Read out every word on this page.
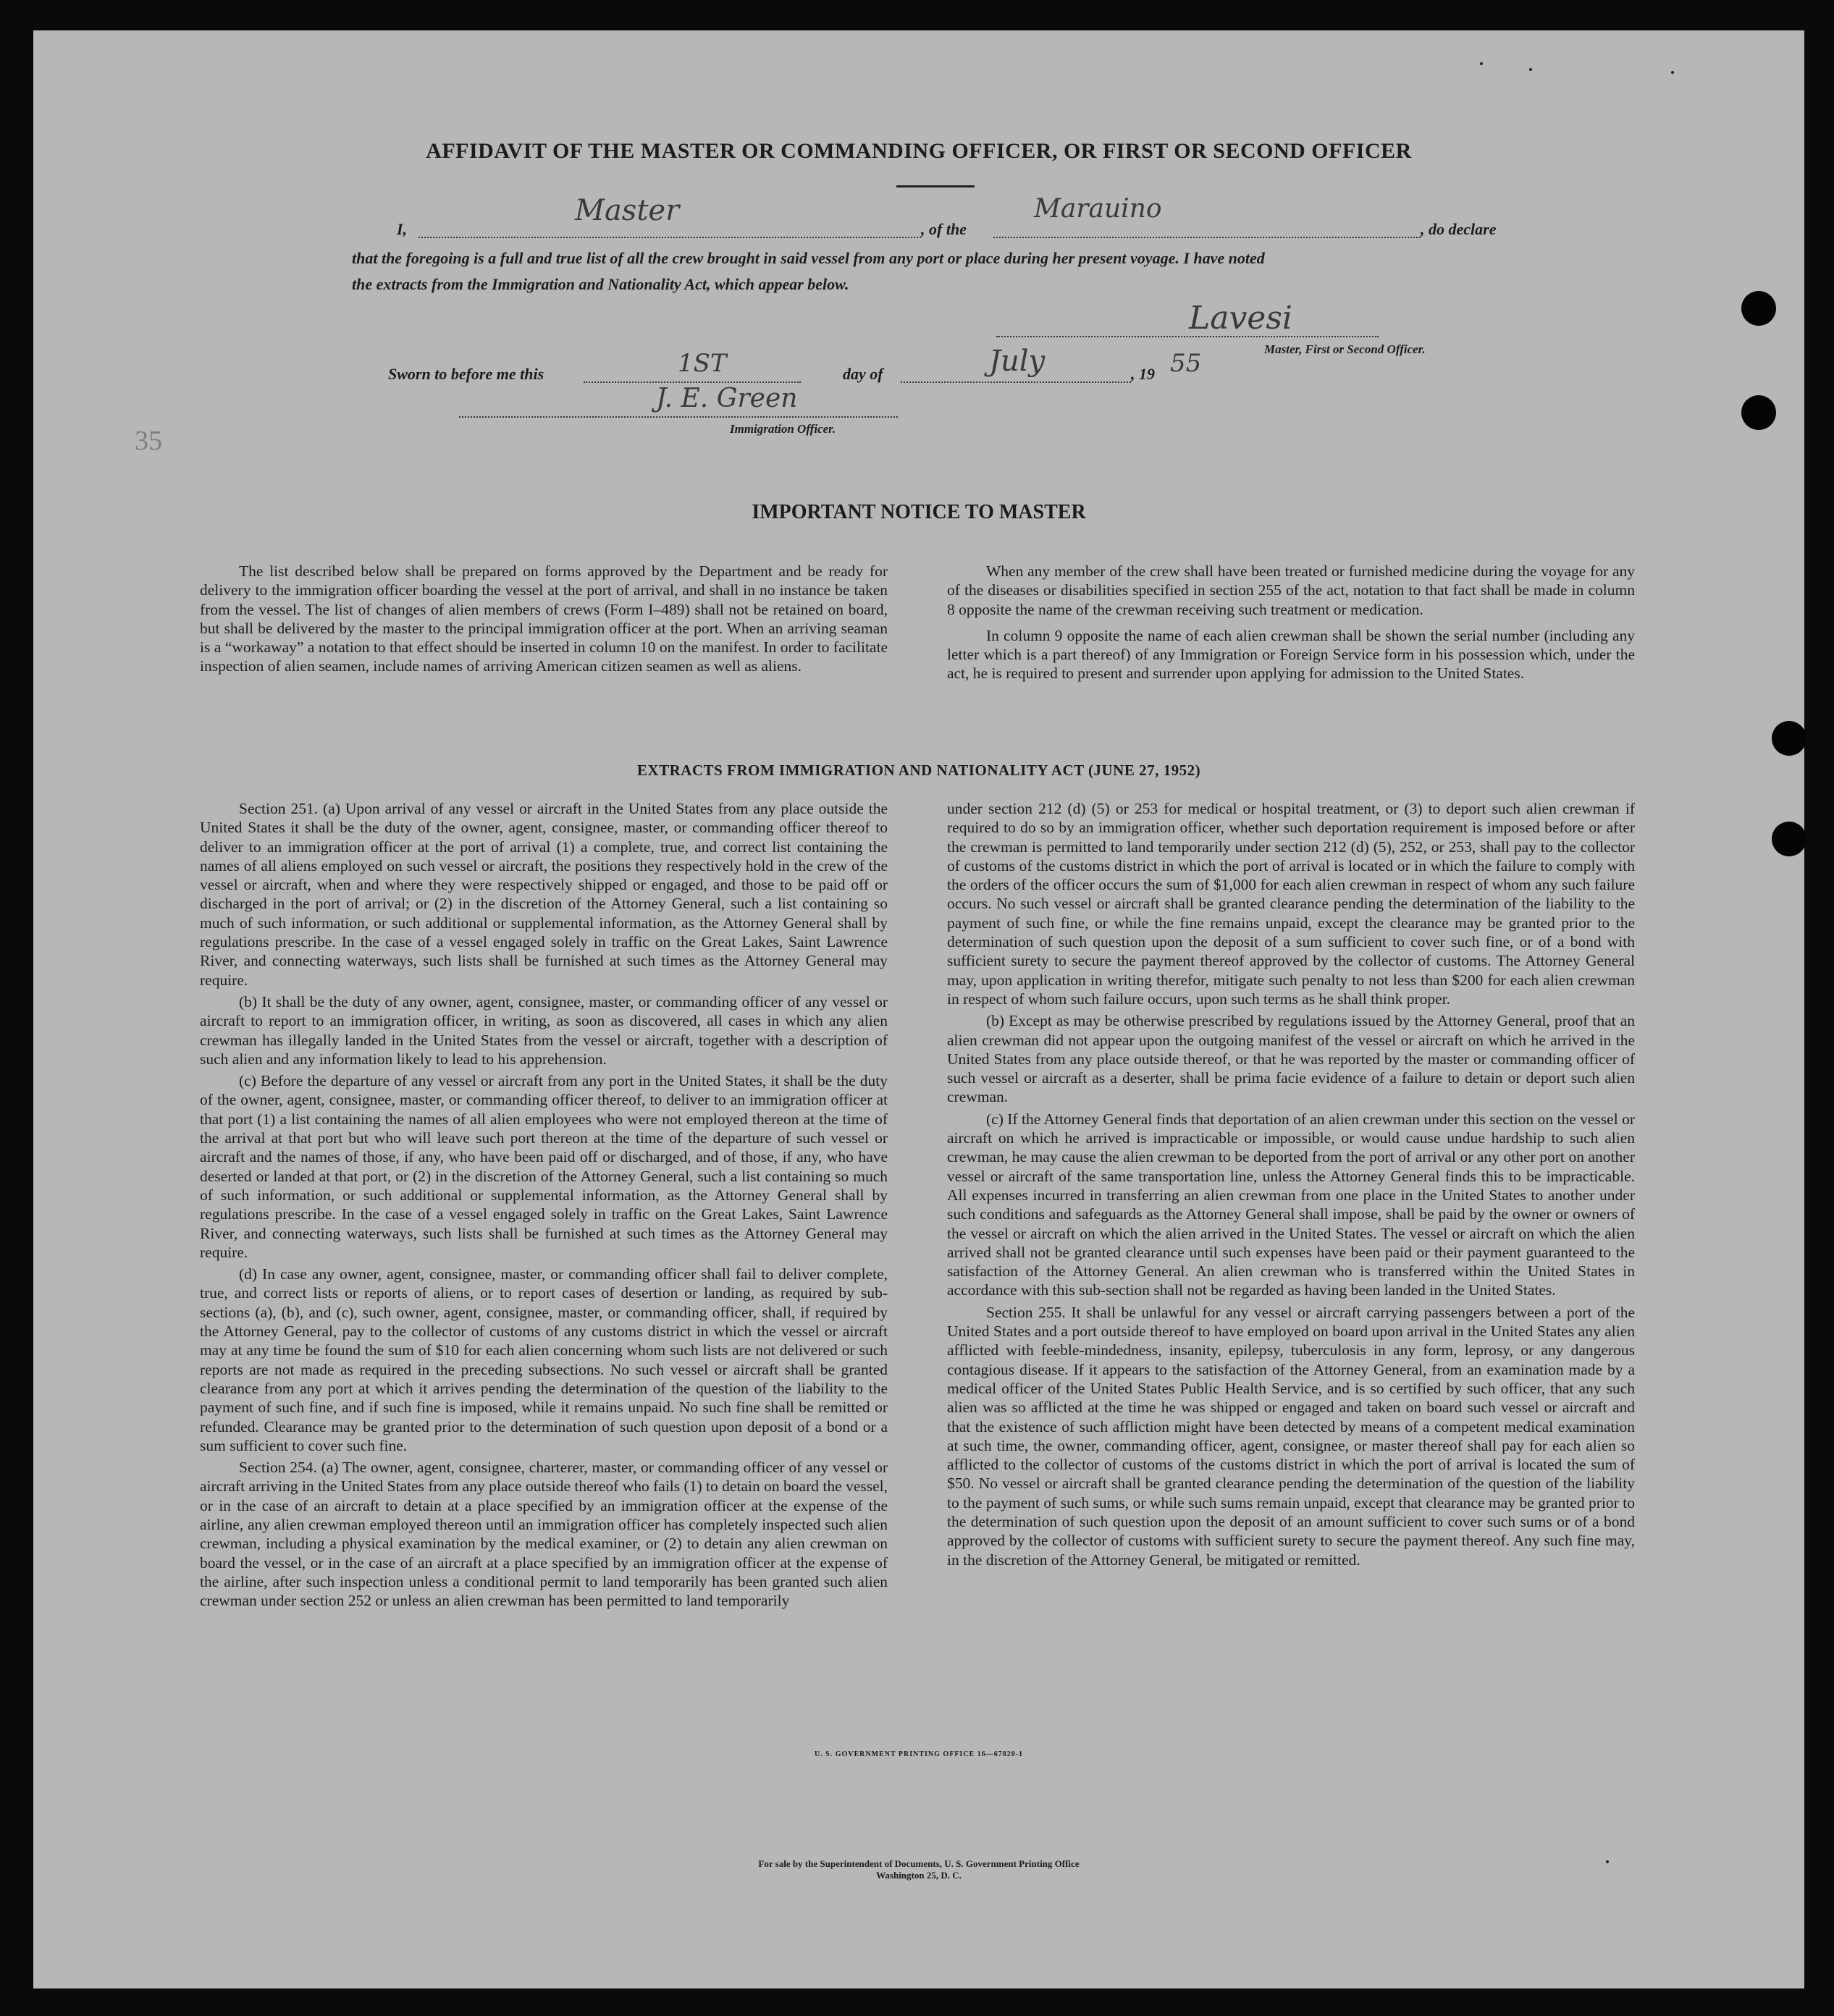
AFFIDAVIT OF THE MASTER OR COMMANDING OFFICER, OR FIRST OR SECOND OFFICER
I,
Master
, of the
Marauino
, do declare
that the foregoing is a full and true list of all the crew brought in said vessel from any port or place during her present voyage. I have noted
the extracts from the Immigration and Nationality Act, which appear below.
Lavesi
Master, First or Second Officer.
Sworn to before me this	1ST	day of	July	, 19 55
J. E. Green
Immigration Officer.
35
IMPORTANT NOTICE TO MASTER

The list described below shall be prepared on forms approved by the Department and be ready for delivery to the immigration officer boarding the vessel at the port of arrival, and shall in no instance be taken from the vessel. The list of changes of alien members of crews (Form I–489) shall not be retained on board, but shall be delivered by the master to the principal immigration officer at the port. When an arriving seaman is a “workaway” a notation to that effect should be inserted in column 10 on the manifest. In order to facilitate inspection of alien seamen, include names of arriving American citizen seamen as well as aliens.

When any member of the crew shall have been treated or furnished medicine during the voyage for any of the diseases or disabilities specified in section 255 of the act, notation to that fact shall be made in column 8 opposite the name of the crewman receiving such treatment or medication.

In column 9 opposite the name of each alien crewman shall be shown the serial number (including any letter which is a part thereof) of any Immigration or Foreign Service form in his possession which, under the act, he is required to present and surrender upon applying for admission to the United States.

EXTRACTS FROM IMMIGRATION AND NATIONALITY ACT (JUNE 27, 1952)

Section 251. (a) Upon arrival of any vessel or aircraft in the United States from any place outside the United States it shall be the duty of the owner, agent, consignee, master, or commanding officer thereof to deliver to an immigration officer at the port of arrival (1) a complete, true, and correct list containing the names of all aliens employed on such vessel or aircraft, the positions they respectively hold in the crew of the vessel or aircraft, when and where they were respectively shipped or engaged, and those to be paid off or discharged in the port of arrival; or (2) in the discretion of the Attorney General, such a list containing so much of such information, or such additional or supplemental information, as the Attorney General shall by regulations prescribe. In the case of a vessel engaged solely in traffic on the Great Lakes, Saint Lawrence River, and connecting waterways, such lists shall be furnished at such times as the Attorney General may require.

(b) It shall be the duty of any owner, agent, consignee, master, or commanding officer of any vessel or aircraft to report to an immigration officer, in writing, as soon as discovered, all cases in which any alien crewman has illegally landed in the United States from the vessel or aircraft, together with a description of such alien and any information likely to lead to his apprehension.

(c) Before the departure of any vessel or aircraft from any port in the United States, it shall be the duty of the owner, agent, consignee, master, or commanding officer thereof, to deliver to an immigration officer at that port (1) a list containing the names of all alien employees who were not employed thereon at the time of the arrival at that port but who will leave such port thereon at the time of the departure of such vessel or aircraft and the names of those, if any, who have been paid off or discharged, and of those, if any, who have deserted or landed at that port, or (2) in the discretion of the Attorney General, such a list containing so much of such information, or such additional or supplemental information, as the Attorney General shall by regulations prescribe. In the case of a vessel engaged solely in traffic on the Great Lakes, Saint Lawrence River, and connecting waterways, such lists shall be furnished at such times as the Attorney General may require.

(d) In case any owner, agent, consignee, master, or commanding officer shall fail to deliver complete, true, and correct lists or reports of aliens, or to report cases of desertion or landing, as required by sub-sections (a), (b), and (c), such owner, agent, consignee, master, or commanding officer, shall, if required by the Attorney General, pay to the collector of customs of any customs district in which the vessel or aircraft may at any time be found the sum of $10 for each alien concerning whom such lists are not delivered or such reports are not made as required in the preceding subsections. No such vessel or aircraft shall be granted clearance from any port at which it arrives pending the determination of the question of the liability to the payment of such fine, and if such fine is imposed, while it remains unpaid. No such fine shall be remitted or refunded. Clearance may be granted prior to the determination of such question upon deposit of a bond or a sum sufficient to cover such fine.

Section 254. (a) The owner, agent, consignee, charterer, master, or commanding officer of any vessel or aircraft arriving in the United States from any place outside thereof who fails (1) to detain on board the vessel, or in the case of an aircraft to detain at a place specified by an immigration officer at the expense of the airline, any alien crewman employed thereon until an immigration officer has completely inspected such alien crewman, including a physical examination by the medical examiner, or (2) to detain any alien crewman on board the vessel, or in the case of an aircraft at a place specified by an immigration officer at the expense of the airline, after such inspection unless a conditional permit to land temporarily has been granted such alien crewman under section 252 or unless an alien crewman has been permitted to land temporarily

under section 212 (d) (5) or 253 for medical or hospital treatment, or (3) to deport such alien crewman if required to do so by an immigration officer, whether such deportation requirement is imposed before or after the crewman is permitted to land temporarily under section 212 (d) (5), 252, or 253, shall pay to the collector of customs of the customs district in which the port of arrival is located or in which the failure to comply with the orders of the officer occurs the sum of $1,000 for each alien crewman in respect of whom any such failure occurs. No such vessel or aircraft shall be granted clearance pending the determination of the liability to the payment of such fine, or while the fine remains unpaid, except the clearance may be granted prior to the determination of such question upon the deposit of a sum sufficient to cover such fine, or of a bond with sufficient surety to secure the payment thereof approved by the collector of customs. The Attorney General may, upon application in writing therefor, mitigate such penalty to not less than $200 for each alien crewman in respect of whom such failure occurs, upon such terms as he shall think proper.

(b) Except as may be otherwise prescribed by regulations issued by the Attorney General, proof that an alien crewman did not appear upon the outgoing manifest of the vessel or aircraft on which he arrived in the United States from any place outside thereof, or that he was reported by the master or commanding officer of such vessel or aircraft as a deserter, shall be prima facie evidence of a failure to detain or deport such alien crewman.

(c) If the Attorney General finds that deportation of an alien crewman under this section on the vessel or aircraft on which he arrived is impracticable or impossible, or would cause undue hardship to such alien crewman, he may cause the alien crewman to be deported from the port of arrival or any other port on another vessel or aircraft of the same transportation line, unless the Attorney General finds this to be impracticable. All expenses incurred in transferring an alien crewman from one place in the United States to another under such conditions and safeguards as the Attorney General shall impose, shall be paid by the owner or owners of the vessel or aircraft on which the alien arrived in the United States. The vessel or aircraft on which the alien arrived shall not be granted clearance until such expenses have been paid or their payment guaranteed to the satisfaction of the Attorney General. An alien crewman who is transferred within the United States in accordance with this sub-section shall not be regarded as having been landed in the United States.

Section 255. It shall be unlawful for any vessel or aircraft carrying passengers between a port of the United States and a port outside thereof to have employed on board upon arrival in the United States any alien afflicted with feeble-mindedness, insanity, epilepsy, tuberculosis in any form, leprosy, or any dangerous contagious disease. If it appears to the satisfaction of the Attorney General, from an examination made by a medical officer of the United States Public Health Service, and is so certified by such officer, that any such alien was so afflicted at the time he was shipped or engaged and taken on board such vessel or aircraft and that the existence of such affliction might have been detected by means of a competent medical examination at such time, the owner, commanding officer, agent, consignee, or master thereof shall pay for each alien so afflicted to the collector of customs of the customs district in which the port of arrival is located the sum of $50. No vessel or aircraft shall be granted clearance pending the determination of the question of the liability to the payment of such sums, or while such sums remain unpaid, except that clearance may be granted prior to the determination of such question upon the deposit of an amount sufficient to cover such sums or of a bond approved by the collector of customs with sufficient surety to secure the payment thereof. Any such fine may, in the discretion of the Attorney General, be mitigated or remitted.

U. S. GOVERNMENT PRINTING OFFICE 16—67820-1
For sale by the Superintendent of Documents, U. S. Government Printing Office
Washington 25, D. C.
